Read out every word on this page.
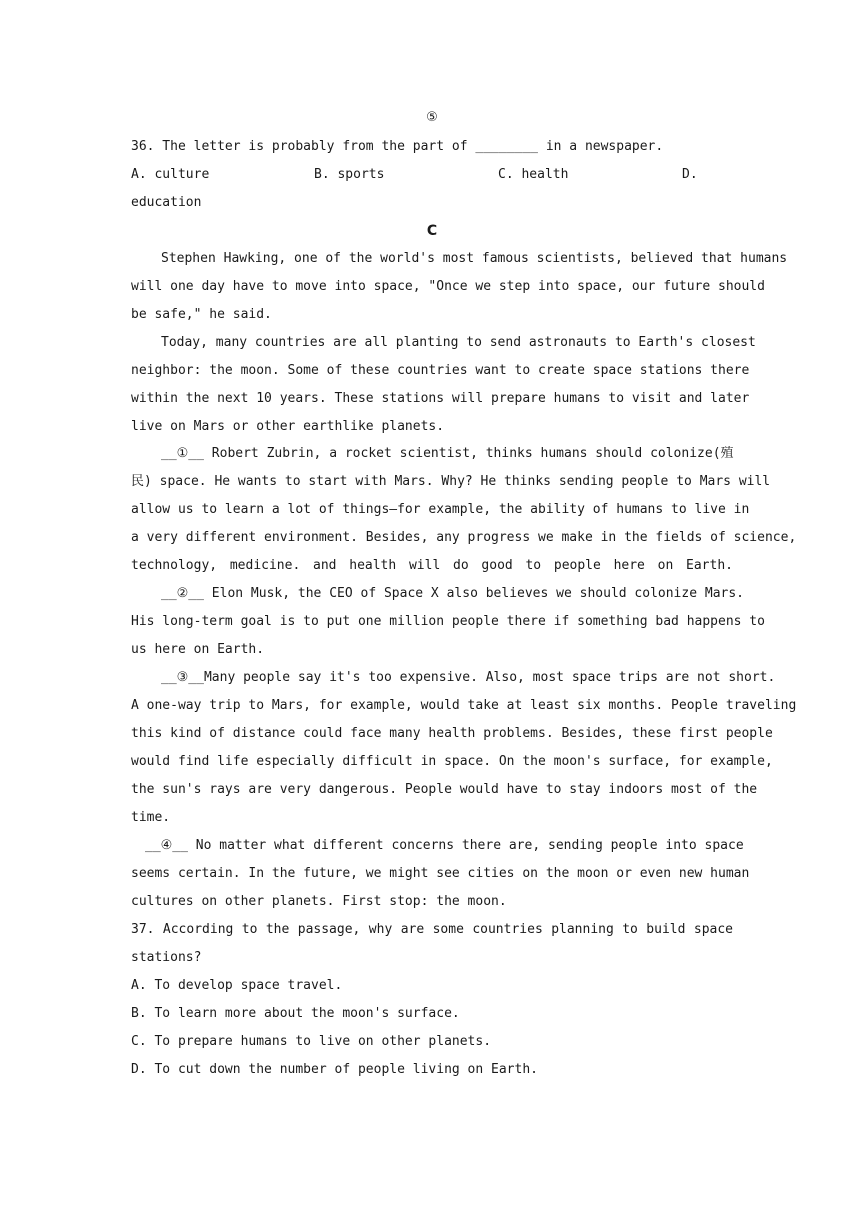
⑤
36. The letter is probably from the part of ________ in a newspaper.
A. culture	B. sports	C. health	D.
education
C
Stephen Hawking, one of the world's most famous scientists, believed that humans
will one day have to move into space, "Once we step into space, our future should
be safe," he said.
Today, many countries are all planting to send astronauts to Earth's closest
neighbor: the moon. Some of these countries want to create space stations there
within the next 10 years. These stations will prepare humans to visit and later
live on Mars or other earthlike planets.
__①__ Robert Zubrin, a rocket scientist, thinks humans should colonize(殖
民) space. He wants to start with Mars. Why? He thinks sending people to Mars will
allow us to learn a lot of things—for example, the ability of humans to live in
a very different environment. Besides, any progress we make in the fields of science,
technology, medicine. and health will do good to people here on Earth.
__②__ Elon Musk, the CEO of Space X also believes we should colonize Mars.
His long-term goal is to put one million people there if something bad happens to
us here on Earth.
__③__Many people say it's too expensive. Also, most space trips are not short.
A one-way trip to Mars, for example, would take at least six months. People traveling
this kind of distance could face many health problems. Besides, these first people
would find life especially difficult in space. On the moon's surface, for example,
the sun's rays are very dangerous. People would have to stay indoors most of the
time.
__④__ No matter what different concerns there are, sending people into space
seems certain. In the future, we might see cities on the moon or even new human
cultures on other planets. First stop: the moon.
37. According to the passage, why are some countries planning to build space
stations?
A. To develop space travel.
B. To learn more about the moon's surface.
C. To prepare humans to live on other planets.
D. To cut down the number of people living on Earth.
